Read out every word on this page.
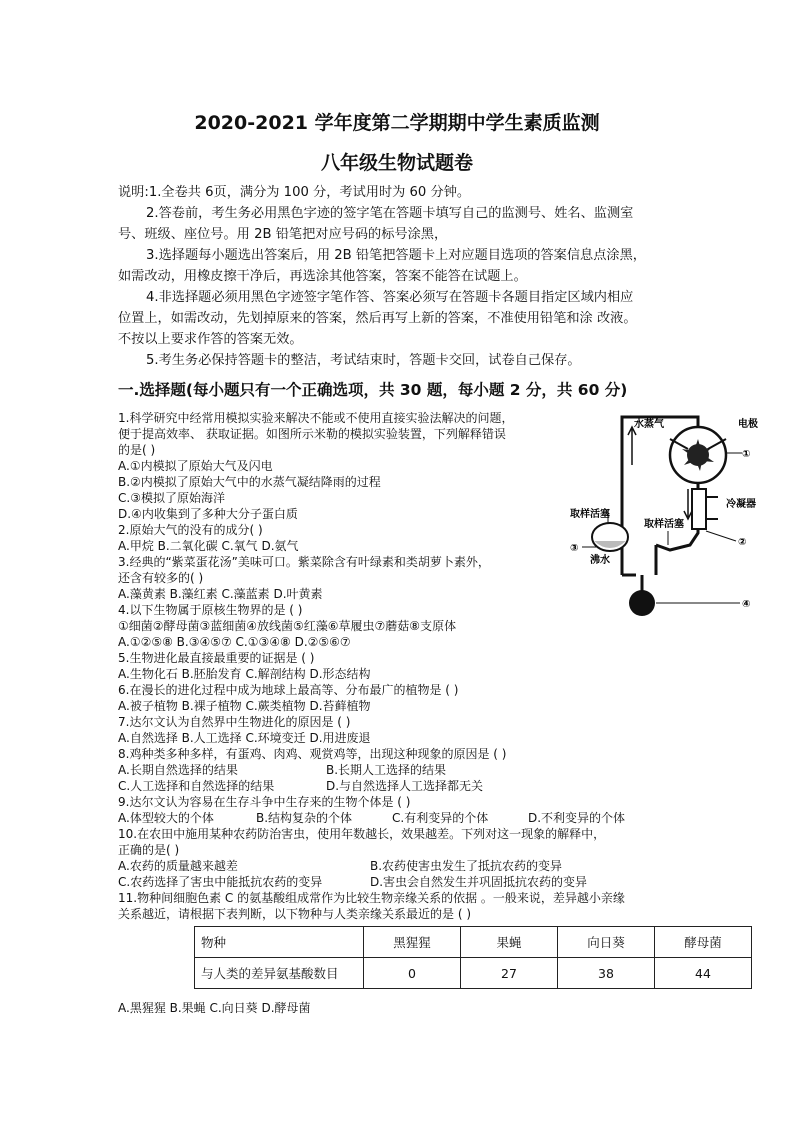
2020-2021 学年度第二学期期中学生素质监测
八年级生物试题卷
说明:1.全卷共 6页，满分为 100 分，考试用时为 60 分钟。
2.答卷前，考生务必用黑色字迹的签字笔在答题卡填写自己的监测号、姓名、监测室
号、班级、座位号。用 2B 铅笔把对应号码的标号涂黑，
3.选择题每小题选出答案后，用 2B 铅笔把答题卡上对应题目选项的答案信息点涂黑，
如需改动，用橡皮擦干净后，再选涂其他答案，答案不能答在试题上。
4.非选择题必须用黑色字迹签字笔作答、答案必须写在答题卡各题目指定区域内相应
位置上，如需改动，先划掉原来的答案，然后再写上新的答案，不准使用铅笔和涂 改液。
不按以上要求作答的答案无效。
5.考生务必保持答题卡的整洁，考试结束时，答题卡交回，试卷自己保存。
一.选择题(每小题只有一个正确选项，共 30 题，每小题 2 分，共 60 分)
1.科学研究中经常用模拟实验来解决不能或不使用直接实验法解决的问题，
便于提高效率、 获取证据。如图所示米勒的模拟实验装置，下列解释错误
的是( )
A.①内模拟了原始大气及闪电
B.②内模拟了原始大气中的水蒸气凝结降雨的过程
C.③模拟了原始海洋
D.④内收集到了多种大分子蛋白质
2.原始大气的没有的成分( )
A.甲烷 B.二氧化碳 C.氧气 D.氨气
3.经典的“紫菜蛋花汤”美味可口。紫菜除含有叶绿素和类胡萝卜素外，
还含有较多的( )
A.藻黄素 B.藻红素 C.藻蓝素 D.叶黄素
4.以下生物属于原核生物界的是 ( )
①细菌②酵母菌③蓝细菌④放线菌⑤红藻⑥草履虫⑦蘑菇⑧支原体
A.①②⑤⑧ B.③④⑤⑦ C.①③④⑧ D.②⑤⑥⑦
5.生物进化最直接最重要的证据是 ( )
A.生物化石 B.胚胎发育 C.解剖结构 D.形态结构
6.在漫长的进化过程中成为地球上最高等、分布最广的植物是 ( )
A.被子植物 B.裸子植物 C.蕨类植物 D.苔藓植物
7.达尔文认为自然界中生物进化的原因是 ( )
A.自然选择 B.人工选择 C.环境变迁 D.用进废退
8.鸡种类多种多样，有蛋鸡、肉鸡、观赏鸡等，出现这种现象的原因是 ( )
A.长期自然选择的结果	B.长期人工选择的结果
C.人工选择和自然选择的结果	D.与自然选择人工选择都无关
9.达尔文认为容易在生存斗争中生存来的生物个体是 ( )
A.体型较大的个体	B.结构复杂的个体	C.有利变异的个体	D.不利变异的个体
10.在农田中施用某种农药防治害虫，使用年数越长，效果越差。下列对这一现象的解释中，
正确的是( )
A.农药的质量越来越差	B.农药使害虫发生了抵抗农药的变异
C.农药选择了害虫中能抵抗农药的变异	D.害虫会自然发生并巩固抵抗农药的变异
11.物种间细胞色素 C 的氨基酸组成常作为比较生物亲缘关系的依据 。一般来说，差异越小亲缘
关系越近，请根据下表判断，以下物种与人类亲缘关系最近的是 ( )
物种	黑猩猩	果蝇	向日葵	酵母菌
与人类的差异氨基酸数目	0	27	38	44
A.黑猩猩 B.果蝇 C.向日葵 D.酵母菌
水蒸气	电极
①
冷凝器
取样活塞
取样活塞
沸水
③
②
④
